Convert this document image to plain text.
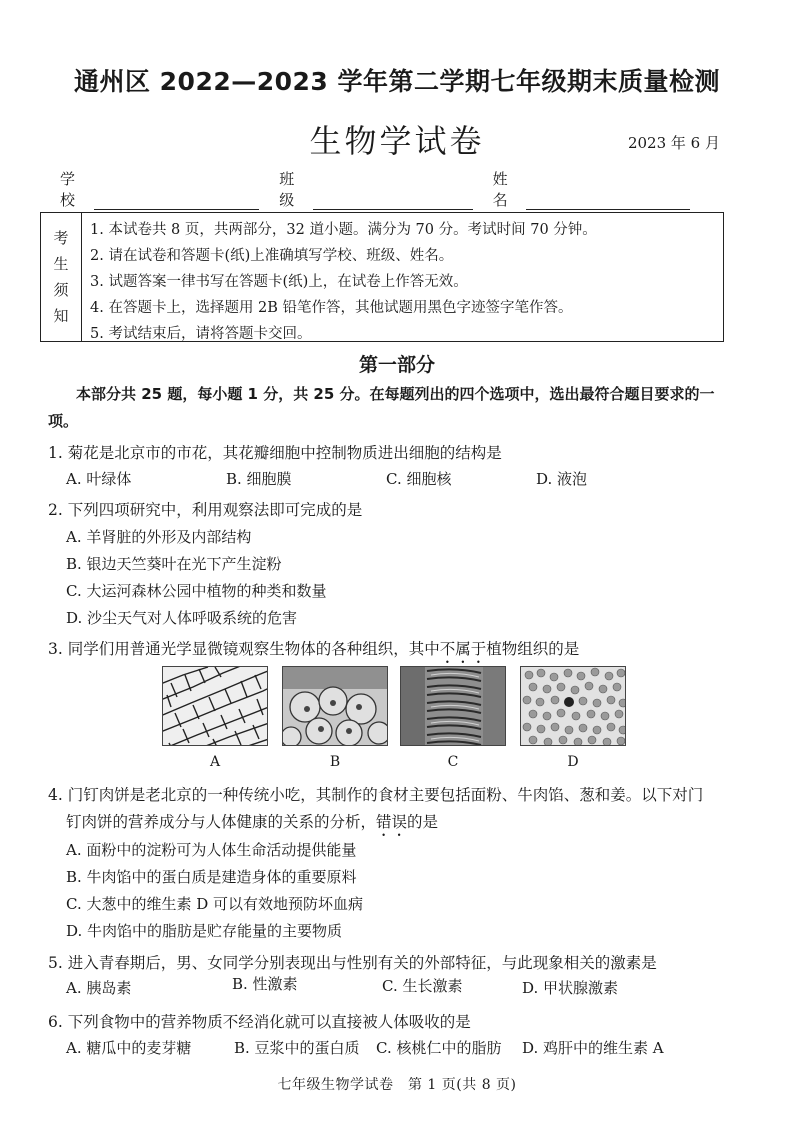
通州区 2022—2023 学年第二学期七年级期末质量检测
生物学试卷	2023 年 6 月
学校
班级
姓名
考
生
须
知
1. 本试卷共 8 页，共两部分，32 道小题。满分为 70 分。考试时间 70 分钟。
2. 请在试卷和答题卡(纸)上准确填写学校、班级、姓名。
3. 试题答案一律书写在答题卡(纸)上，在试卷上作答无效。
4. 在答题卡上，选择题用 2B 铅笔作答，其他试题用黑色字迹签字笔作答。
5. 考试结束后，请将答题卡交回。
第一部分
本部分共 25 题，每小题 1 分，共 25 分。在每题列出的四个选项中，选出最符合题目要求的一项。
1. 菊花是北京市的市花，其花瓣细胞中控制物质进出细胞的结构是
A. 叶绿体	B. 细胞膜	C. 细胞核	D. 液泡
2. 下列四项研究中，利用观察法即可完成的是
A. 羊肾脏的外形及内部结构
B. 银边天竺葵叶在光下产生淀粉
C. 大运河森林公园中植物的种类和数量
D. 沙尘天气对人体呼吸系统的危害
3. 同学们用普通光学显微镜观察生物体的各种组织，其中不属于植物组织的是
A	B	C	D
4. 门钉肉饼是老北京的一种传统小吃，其制作的食材主要包括面粉、牛肉馅、葱和姜。以下对门
钉肉饼的营养成分与人体健康的关系的分析，错误的是
A. 面粉中的淀粉可为人体生命活动提供能量
B. 牛肉馅中的蛋白质是建造身体的重要原料
C. 大葱中的维生素 D 可以有效地预防坏血病
D. 牛肉馅中的脂肪是贮存能量的主要物质
5. 进入青春期后，男、女同学分别表现出与性别有关的外部特征，与此现象相关的激素是
A. 胰岛素	B. 性激素	C. 生长激素	D. 甲状腺激素
6. 下列食物中的营养物质不经消化就可以直接被人体吸收的是
A. 糖瓜中的麦芽糖	B. 豆浆中的蛋白质 C. 核桃仁中的脂肪 D. 鸡肝中的维生素 A
七年级生物学试卷　第 1 页(共 8 页)
